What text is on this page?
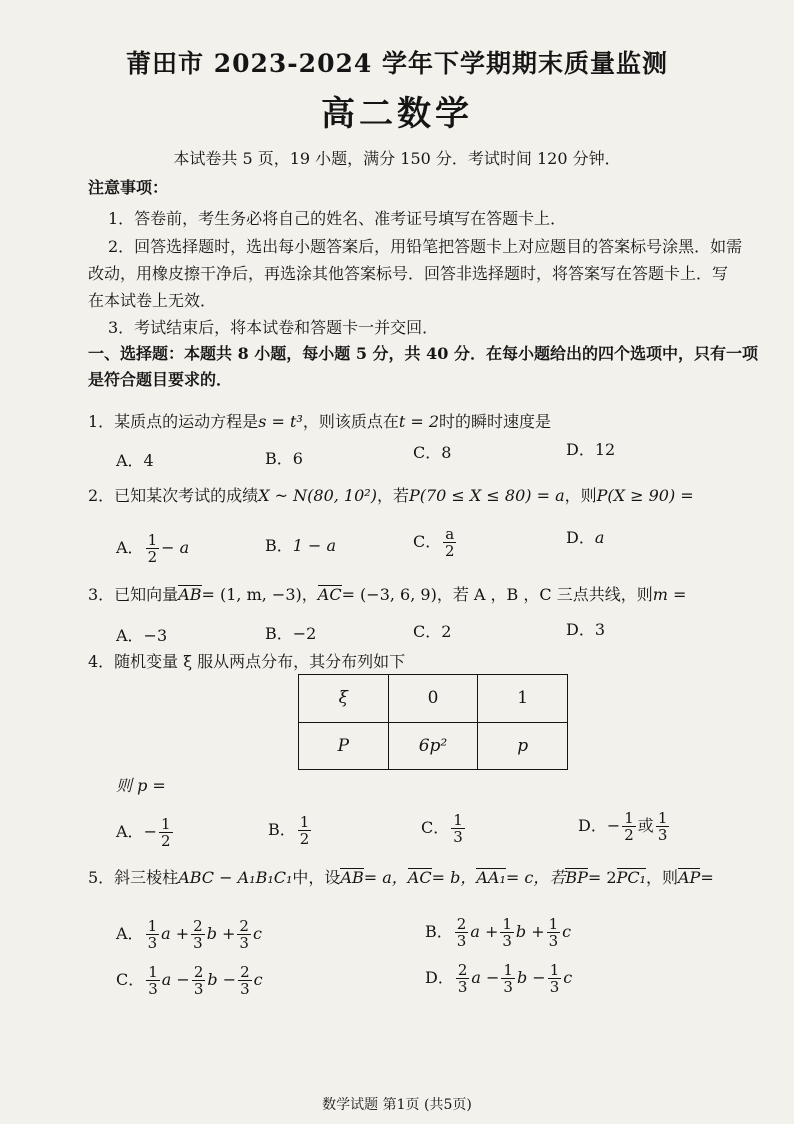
莆田市 2023-2024 学年下学期期末质量监测
高二数学
本试卷共 5 页，19 小题，满分 150 分．考试时间 120 分钟．
注意事项：
1．答卷前，考生务必将自己的姓名、准考证号填写在答题卡上．
2．回答选择题时，选出每小题答案后，用铅笔把答题卡上对应题目的答案标号涂黑．如需
改动，用橡皮擦干净后，再选涂其他答案标号．回答非选择题时，将答案写在答题卡上．写
在本试卷上无效．
3．考试结束后，将本试卷和答题卡一并交回．
一、选择题：本题共 8 小题，每小题 5 分，共 40 分．在每小题给出的四个选项中，只有一项
是符合题目要求的．
1．某质点的运动方程是s = t³，则该质点在t = 2时的瞬时速度是
A．4	B．6	C．8	D．12
2．已知某次考试的成绩X ~ N(80, 10²)，若P(70 ≤ X ≤ 80) = a，则P(X ≥ 90) =
A． $\frac{1}{2} - a$	B．1 − a	C． $\frac{a}{2}$	D．a
3．已知向量AB= (1, m, −3)，AC= (−3, 6, 9)，若 A ，B ，C 三点共线，则m =
A．−3	B．−2	C．2	D．3
4．随机变量 ξ 服从两点分布，其分布列如下
ξ	0	1
P	6p²	p
则 p =
A．− $\frac{1}{2}$	B． $\frac{1}{2}$	C． $\frac{1}{3}$	D．− $\frac{1}{2}$ 或 $\frac{1}{3}$
5．斜三棱柱ABC − A₁B₁C₁中，设AB= a，AC= b，AA₁= c，若BP= 2PC₁，则AP=
A． $\frac{1}{3}$ $a + \frac{2}{3}$ $b + \frac{2}{3}$ c	B． $\frac{2}{3}$ $a + \frac{1}{3}$ $b + \frac{1}{3}$ c
C． $\frac{1}{3}$ $a - \frac{2}{3}$ $b - \frac{2}{3}$ c	D． $\frac{2}{3}$ $a - \frac{1}{3}$ $b - \frac{1}{3}$ c
数学试题 第1页 (共5页)
